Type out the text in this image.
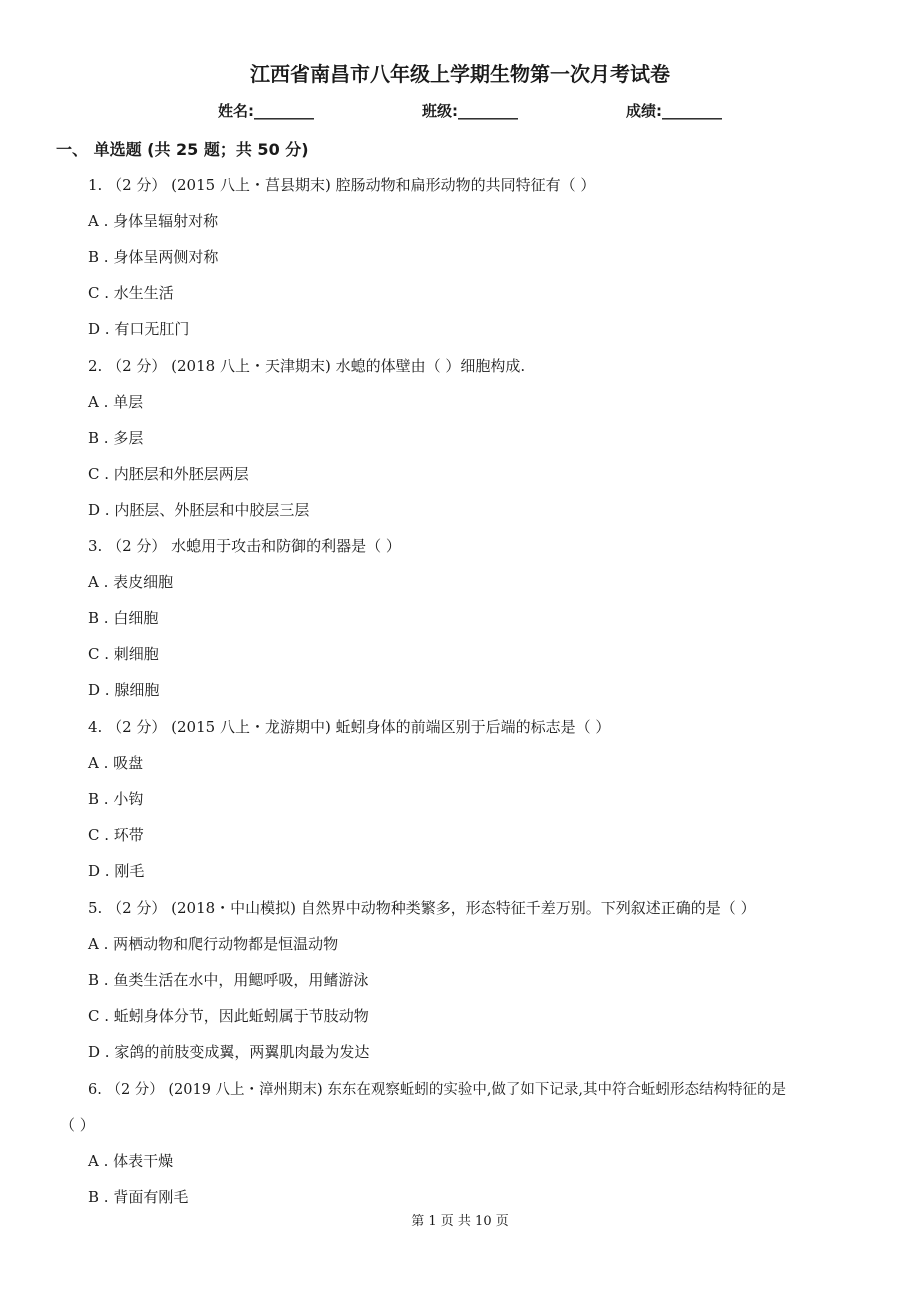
江西省南昌市八年级上学期生物第一次月考试卷
姓名:________	班级:________	成绩:________
一、 单选题 (共 25 题；共 50 分)
1. （2 分） (2015 八上・莒县期末) 腔肠动物和扁形动物的共同特征有（ ）
A . 身体呈辐射对称
B . 身体呈两侧对称
C . 水生生活
D . 有口无肛门
2. （2 分） (2018 八上・天津期末) 水螅的体壁由（ ）细胞构成.
A . 单层
B . 多层
C . 内胚层和外胚层两层
D . 内胚层、外胚层和中胶层三层
3. （2 分） 水螅用于攻击和防御的利器是（ ）
A . 表皮细胞
B . 白细胞
C . 刺细胞
D . 腺细胞
4. （2 分） (2015 八上・龙游期中) 蚯蚓身体的前端区别于后端的标志是（ ）
A . 吸盘
B . 小钩
C . 环带
D . 刚毛
5. （2 分） (2018・中山模拟) 自然界中动物种类繁多，形态特征千差万别。下列叙述正确的是（ ）
A . 两栖动物和爬行动物都是恒温动物
B . 鱼类生活在水中，用鳃呼吸，用鳍游泳
C . 蚯蚓身体分节，因此蚯蚓属于节肢动物
D . 家鸽的前肢变成翼，两翼肌肉最为发达
6. （2 分） (2019 八上・漳州期末) 东东在观察蚯蚓的实验中,做了如下记录,其中符合蚯蚓形态结构特征的是
（ ）
A . 体表干燥
B . 背面有刚毛
第 1 页 共 10 页
